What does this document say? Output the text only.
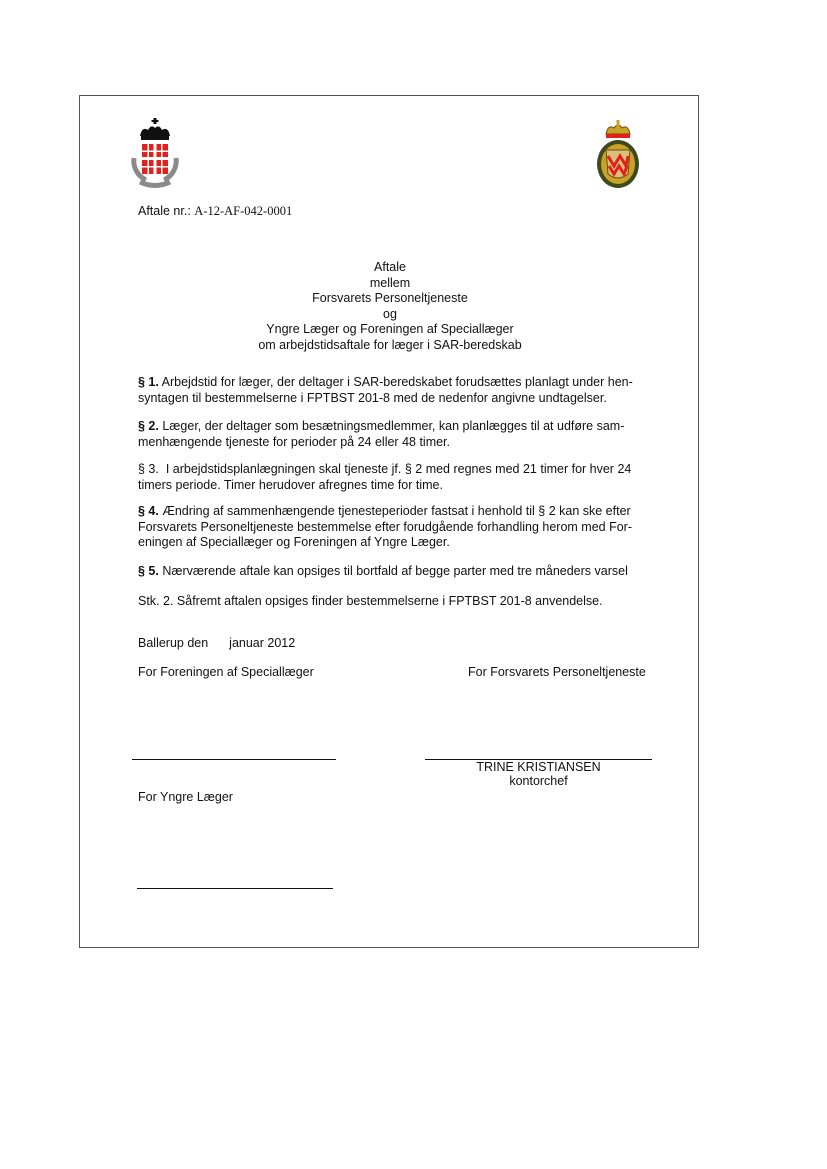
Aftale nr.: A-12-AF-042-0001
Aftale
mellem
Forsvarets Personeltjeneste
og
Yngre Læger og Foreningen af Speciallæger
om arbejdstidsaftale for læger i SAR-beredskab
§ 1. Arbejdstid for læger, der deltager i SAR-beredskabet forudsættes planlagt under hen-
syntagen til bestemmelserne i FPTBST 201-8 med de nedenfor angivne undtagelser.
§ 2. Læger, der deltager som besætningsmedlemmer, kan planlægges til at udføre sam-
menhængende tjeneste for perioder på 24 eller 48 timer.
§ 3. I arbejdstidsplanlægningen skal tjeneste jf. § 2 med regnes med 21 timer for hver 24
timers periode. Timer herudover afregnes time for time.
§ 4. Ændring af sammenhængende tjenesteperioder fastsat i henhold til § 2 kan ske efter
Forsvarets Personeltjeneste bestemmelse efter forudgående forhandling herom med For-
eningen af Speciallæger og Foreningen af Yngre Læger.
§ 5. Nærværende aftale kan opsiges til bortfald af begge parter med tre måneders varsel
Stk. 2. Såfremt aftalen opsiges finder bestemmelserne i FPTBST 201-8 anvendelse.
Ballerup den januar 2012
For Foreningen af Speciallæger	For Forsvarets Personeltjeneste
TRINE KRISTIANSEN
kontorchef
For Yngre Læger
